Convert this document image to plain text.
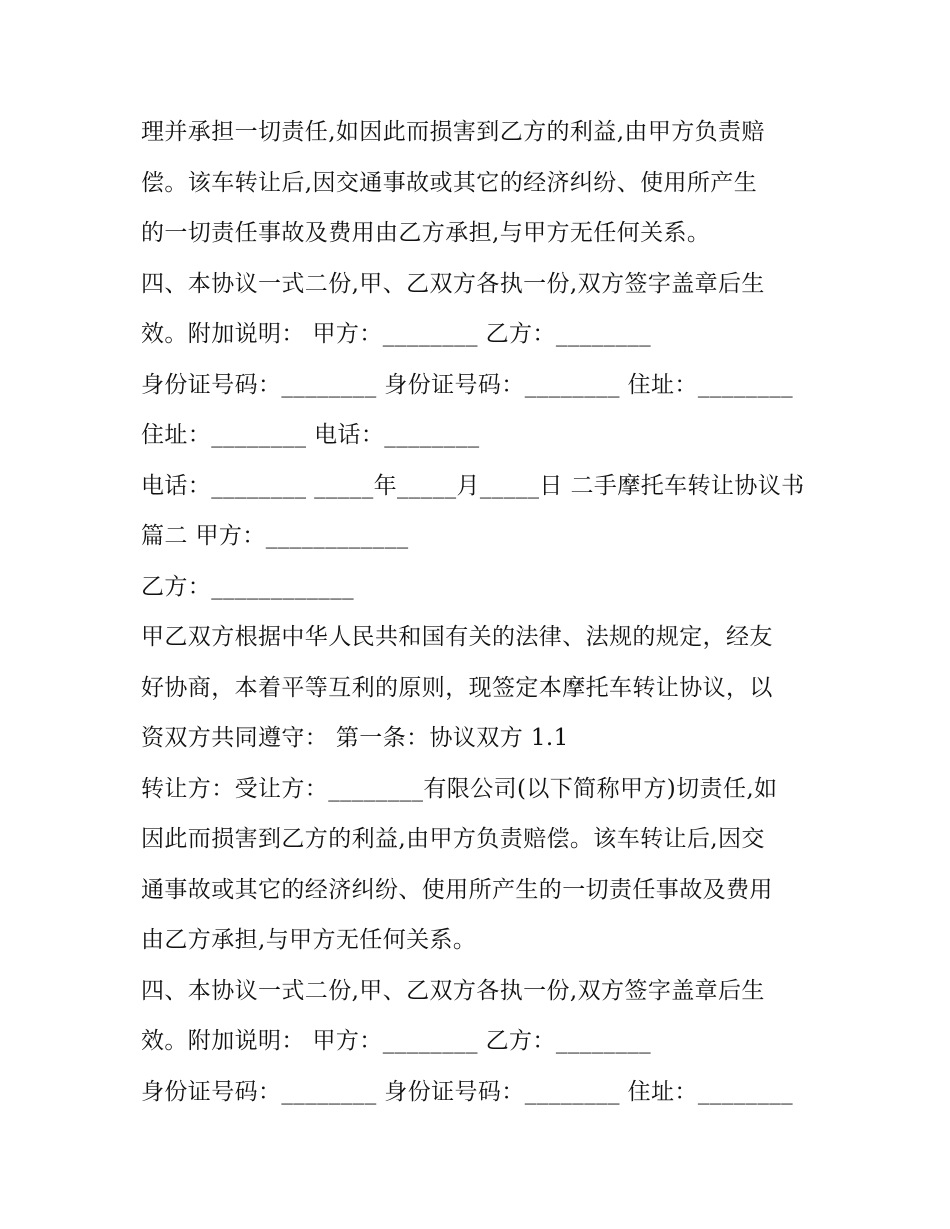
理并承担一切责任,如因此而损害到乙方的利益,由甲方负责赔

偿。该车转让后,因交通事故或其它的经济纠纷、使用所产生

的一切责任事故及费用由乙方承担,与甲方无任何关系。

四、本协议一式二份,甲、乙双方各执一份,双方签字盖章后生

效。附加说明： 甲方：________ 乙方：________

身份证号码：________ 身份证号码：________ 住址：________

住址：________ 电话：________

电话：________ _____年_____月_____日 二手摩托车转让协议书

篇二 甲方：____________

乙方：____________

甲乙双方根据中华人民共和国有关的法律、法规的规定，经友

好协商，本着平等互利的原则，现签定本摩托车转让协议，以

资双方共同遵守： 第一条：协议双方 1.1

转让方：受让方：________有限公司(以下简称甲方)切责任,如

因此而损害到乙方的利益,由甲方负责赔偿。该车转让后,因交

通事故或其它的经济纠纷、使用所产生的一切责任事故及费用

由乙方承担,与甲方无任何关系。

四、本协议一式二份,甲、乙双方各执一份,双方签字盖章后生

效。附加说明： 甲方：________ 乙方：________

身份证号码：________ 身份证号码：________ 住址：________
